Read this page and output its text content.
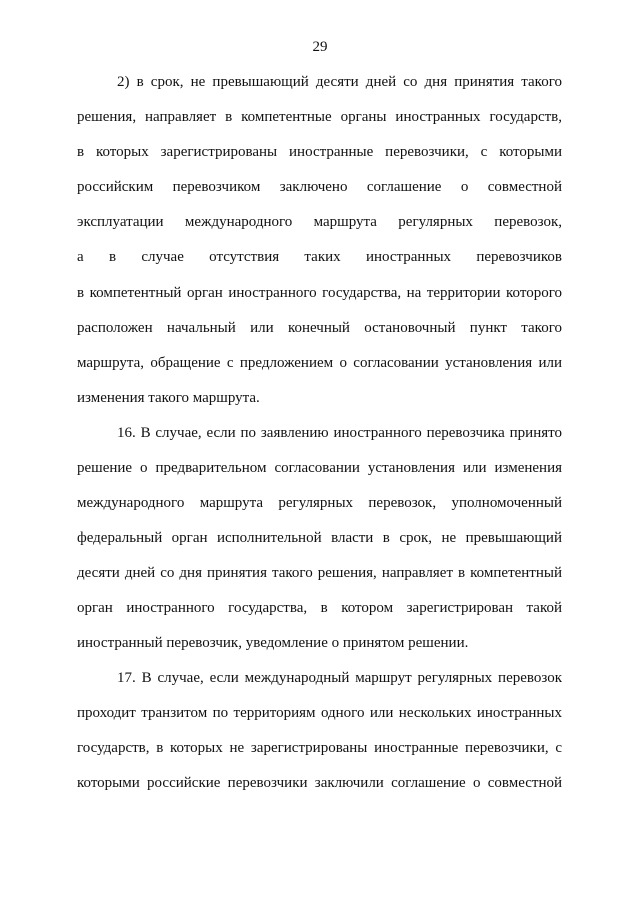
29
2) в срок, не превышающий десяти дней со дня принятия такого
решения, направляет в компетентные органы иностранных государств,
в которых зарегистрированы иностранные перевозчики, с которыми
российским перевозчиком заключено соглашение о совместной
эксплуатации международного маршрута регулярных перевозок,
а в случае отсутствия таких иностранных перевозчиков
в компетентный орган иностранного государства, на территории которого
расположен начальный или конечный остановочный пункт такого
маршрута, обращение с предложением о согласовании установления или
изменения такого маршрута.
16. В случае, если по заявлению иностранного перевозчика принято
решение о предварительном согласовании установления или изменения
международного маршрута регулярных перевозок, уполномоченный
федеральный орган исполнительной власти в срок, не превышающий
десяти дней со дня принятия такого решения, направляет в компетентный
орган иностранного государства, в котором зарегистрирован такой
иностранный перевозчик, уведомление о принятом решении.
17. В случае, если международный маршрут регулярных перевозок
проходит транзитом по территориям одного или нескольких иностранных
государств, в которых не зарегистрированы иностранные перевозчики, с
которыми российские перевозчики заключили соглашение о совместной
